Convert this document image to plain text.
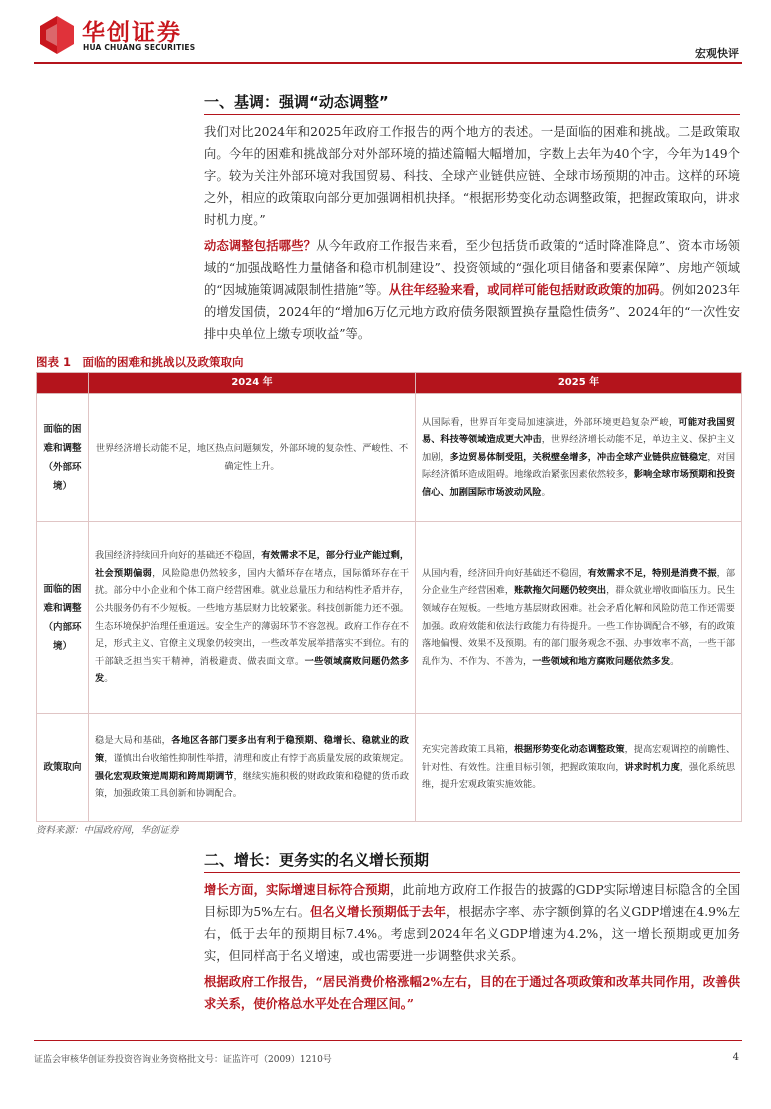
华创证券
HUA CHUANG SECURITIES	宏观快评
一、基调：强调“动态调整”
我们对比2024年和2025年政府工作报告的两个地方的表述。一是面临的困难和挑战。二是政策取向。今年的困难和挑战部分对外部环境的描述篇幅大幅增加，字数上去年为40个字，今年为149个字。较为关注外部环境对我国贸易、科技、全球产业链供应链、全球市场预期的冲击。这样的环境之外，相应的政策取向部分更加强调相机抉择。“根据形势变化动态调整政策，把握政策取向，讲求时机力度。”
动态调整包括哪些？从今年政府工作报告来看，至少包括货币政策的“适时降准降息”、资本市场领域的“加强战略性力量储备和稳市机制建设”、投资领域的“强化项目储备和要素保障”、房地产领域的“因城施策调减限制性措施”等。从往年经验来看，或同样可能包括财政政策的加码。例如2023年的增发国债，2024年的“增加6万亿元地方政府债务限额置换存量隐性债务”、2024年的“一次性安排中央单位上缴专项收益”等。
图表 1　面临的困难和挑战以及政策取向
	2024 年	2025 年
面临的困难和调整（外部环境）	世界经济增长动能不足，地区热点问题频发，外部环境的复杂性、严峻性、不确定性上升。	从国际看，世界百年变局加速演进，外部环境更趋复杂严峻，可能对我国贸易、科技等领域造成更大冲击，世界经济增长动能不足，单边主义、保护主义加剧，多边贸易体制受阻，关税壁垒增多，冲击全球产业链供应链稳定，对国际经济循环造成阻碍。地缘政治紧张因素依然较多，影响全球市场预期和投资信心、加剧国际市场波动风险。
面临的困难和调整（内部环境）	我国经济持续回升向好的基础还不稳固，有效需求不足，部分行业产能过剩，社会预期偏弱，风险隐患仍然较多，国内大循环存在堵点，国际循环存在干扰。部分中小企业和个体工商户经营困难。就业总量压力和结构性矛盾并存，公共服务仍有不少短板。一些地方基层财力比较紧张。科技创新能力还不强。生态环境保护治理任重道远。安全生产的薄弱环节不容忽视。政府工作存在不足，形式主义、官僚主义现象仍较突出，一些改革发展举措落实不到位。有的干部缺乏担当实干精神，消极避责、做表面文章。一些领域腐败问题仍然多发。	从国内看，经济回升向好基础还不稳固，有效需求不足，特别是消费不振，部分企业生产经营困难，账款拖欠问题仍较突出，群众就业增收面临压力。民生领域存在短板。一些地方基层财政困难。社会矛盾化解和风险防范工作还需要加强。政府效能和依法行政能力有待提升。一些工作协调配合不够，有的政策落地偏慢、效果不及预期。有的部门服务观念不强、办事效率不高，一些干部乱作为、不作为、不善为，一些领域和地方腐败问题依然多发。
政策取向	稳是大局和基础，各地区各部门要多出有利于稳预期、稳增长、稳就业的政策，谨慎出台收缩性抑制性举措，清理和废止有悖于高质量发展的政策规定。强化宏观政策逆周期和跨周期调节，继续实施积极的财政政策和稳健的货币政策，加强政策工具创新和协调配合。	充实完善政策工具箱，根据形势变化动态调整政策，提高宏观调控的前瞻性、针对性、有效性。注重目标引领，把握政策取向，讲求时机力度，强化系统思维，提升宏观政策实施效能。
资料来源：中国政府网，华创证券
二、增长：更务实的名义增长预期
增长方面，实际增速目标符合预期，此前地方政府工作报告的披露的GDP实际增速目标隐含的全国目标即为5%左右。但名义增长预期低于去年，根据赤字率、赤字额倒算的名义GDP增速在4.9%左右，低于去年的预期目标7.4%。考虑到2024年名义GDP增速为4.2%，这一增长预期或更加务实，但同样高于名义增速，或也需要进一步调整供求关系。
根据政府工作报告，“居民消费价格涨幅2%左右，目的在于通过各项政策和改革共同作用，改善供求关系，使价格总水平处在合理区间。”
证监会审核华创证券投资咨询业务资格批文号：证监许可（2009）1210号	4
